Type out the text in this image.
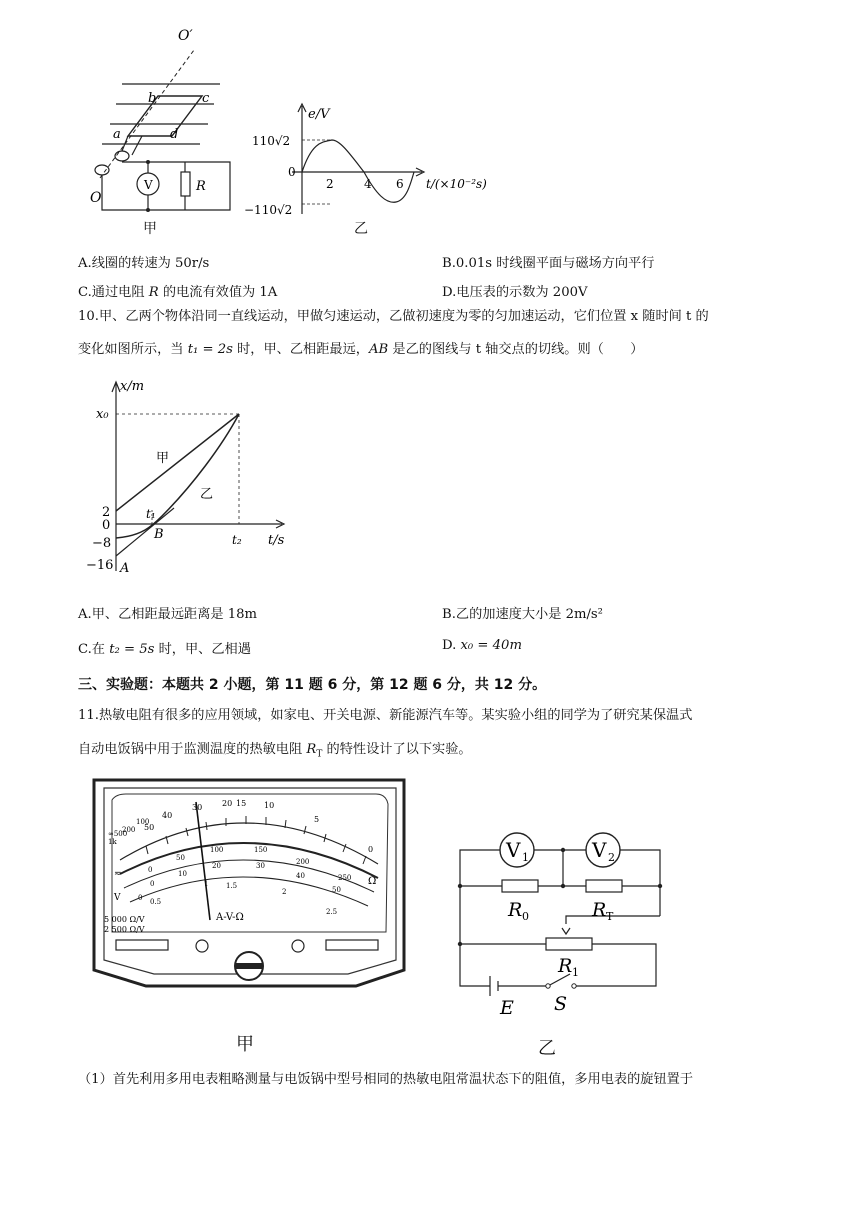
V	R
O′
O
b	c
a	d
甲
e/V
t/(×10⁻²s)
110√2
−110√2
0
2	4 6
乙
A.线圈的转速为 50r/s	B.0.01s 时线圈平面与磁场方向平行
C.通过电阻 R 的电流有效值为 1A	D.电压表的示数为 200V
10.甲、乙两个物体沿同一直线运动，甲做匀速运动，乙做初速度为零的匀加速运动，它们位置 x 随时间 t 的
变化如图所示，当 t₁ = 2s 时，甲、乙相距最远，AB 是乙的图线与 t 轴交点的切线。则（　　）
x/m
t/s
x₀
2
0
−8
−16
t₁
t₂
A
B
甲
乙
A.甲、乙相距最远距离是 18m	B.乙的加速度大小是 2m/s²
C.在 t₂ = 5s 时，甲、乙相遇	D. x₀ = 40m
三、实验题：本题共 2 小题，第 11 题 6 分，第 12 题 6 分，共 12 分。
11.热敏电阻有很多的应用领域，如家电、开关电源、新能源汽车等。某实验小组的同学为了研究某保温式
自动电饭锅中用于监测温度的热敏电阻 $R_T$ 的特性设计了以下实验。
50
40
30 20 15 10
5
0
∞500
1k
200
100
0
50
100	150
200
250
0
10
20	30
40
50
0 0.5
1	1.5
2
2.5
Ω
≂
V
A-V-Ω
5 000 Ω/V
2 500 Ω/V
甲
V 1	V 2
R 0	R T
R 1
E S
乙
（1）首先利用多用电表粗略测量与电饭锅中型号相同的热敏电阻常温状态下的阻值，多用电表的旋钮置于
